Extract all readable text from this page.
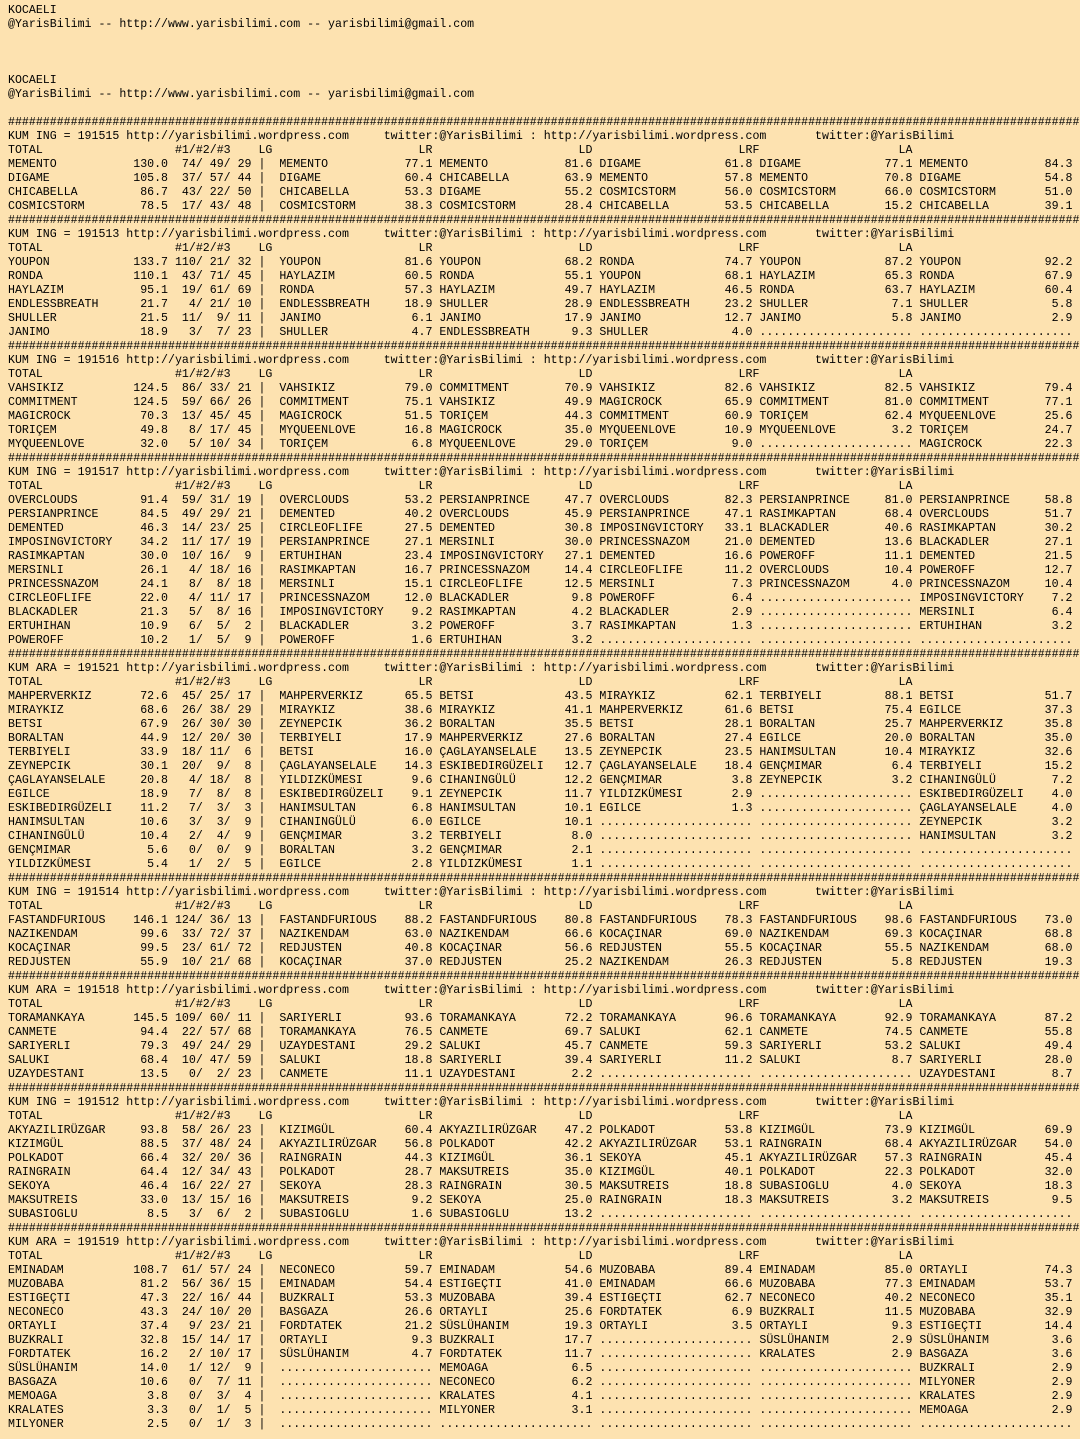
KOCAELI
@YarisBilimi -- http://www.yarisbilimi.com -- yarisbilimi@gmail.com
KOCAELI
@YarisBilimi -- http://www.yarisbilimi.com -- yarisbilimi@gmail.com
##########################################################################################################################################################
KUM ING = 191515 http://yarisbilimi.wordpress.com     twitter:@YarisBilimi : http://yarisbilimi.wordpress.com       twitter:@YarisBilimi
TOTAL                   #1/#2/#3    LG                     LR                     LD                     LRF                    LA
MEMENTO           130.0  74/ 49/ 29 |  MEMENTO           77.1 MEMENTO           81.6 DIGAME            61.8 DIGAME            77.1 MEMENTO           84.3
DIGAME            105.8  37/ 57/ 44 |  DIGAME            60.4 CHICABELLA        63.9 MEMENTO           57.8 MEMENTO           70.8 DIGAME            54.8
CHICABELLA         86.7  43/ 22/ 50 |  CHICABELLA        53.3 DIGAME            55.2 COSMICSTORM       56.0 COSMICSTORM       66.0 COSMICSTORM       51.0
COSMICSTORM        78.5  17/ 43/ 48 |  COSMICSTORM       38.3 COSMICSTORM       28.4 CHICABELLA        53.5 CHICABELLA        15.2 CHICABELLA        39.1
##########################################################################################################################################################
KUM ING = 191513 http://yarisbilimi.wordpress.com     twitter:@YarisBilimi : http://yarisbilimi.wordpress.com       twitter:@YarisBilimi
TOTAL                   #1/#2/#3    LG                     LR                     LD                     LRF                    LA
YOUPON            133.7 110/ 21/ 32 |  YOUPON            81.6 YOUPON            68.2 RONDA             74.7 YOUPON            87.2 YOUPON            92.2
RONDA             110.1  43/ 71/ 45 |  HAYLAZIM          60.5 RONDA             55.1 YOUPON            68.1 HAYLAZIM          65.3 RONDA             67.9
HAYLAZIM           95.1  19/ 61/ 69 |  RONDA             57.3 HAYLAZIM          49.7 HAYLAZIM          46.5 RONDA             63.7 HAYLAZIM          60.4
ENDLESSBREATH      21.7   4/ 21/ 10 |  ENDLESSBREATH     18.9 SHULLER           28.9 ENDLESSBREATH     23.2 SHULLER            7.1 SHULLER            5.8
SHULLER            21.5  11/  9/ 11 |  JANIMO             6.1 JANIMO            17.9 JANIMO            12.7 JANIMO             5.8 JANIMO             2.9
JANIMO             18.9   3/  7/ 23 |  SHULLER            4.7 ENDLESSBREATH      9.3 SHULLER            4.0 ...................... ......................
##########################################################################################################################################################
KUM ING = 191516 http://yarisbilimi.wordpress.com     twitter:@YarisBilimi : http://yarisbilimi.wordpress.com       twitter:@YarisBilimi
TOTAL                   #1/#2/#3    LG                     LR                     LD                     LRF                    LA
VAHSIKIZ          124.5  86/ 33/ 21 |  VAHSIKIZ          79.0 COMMITMENT        70.9 VAHSIKIZ          82.6 VAHSIKIZ          82.5 VAHSIKIZ          79.4
COMMITMENT        124.5  59/ 66/ 26 |  COMMITMENT        75.1 VAHSIKIZ          49.9 MAGICROCK         65.9 COMMITMENT        81.0 COMMITMENT        77.1
MAGICROCK          70.3  13/ 45/ 45 |  MAGICROCK         51.5 TORIÇEM           44.3 COMMITMENT        60.9 TORIÇEM           62.4 MYQUEENLOVE       25.6
TORIÇEM            49.8   8/ 17/ 45 |  MYQUEENLOVE       16.8 MAGICROCK         35.0 MYQUEENLOVE       10.9 MYQUEENLOVE        3.2 TORIÇEM           24.7
MYQUEENLOVE        32.0   5/ 10/ 34 |  TORIÇEM            6.8 MYQUEENLOVE       29.0 TORIÇEM            9.0 ...................... MAGICROCK         22.3
##########################################################################################################################################################
KUM ING = 191517 http://yarisbilimi.wordpress.com     twitter:@YarisBilimi : http://yarisbilimi.wordpress.com       twitter:@YarisBilimi
TOTAL                   #1/#2/#3    LG                     LR                     LD                     LRF                    LA
OVERCLOUDS         91.4  59/ 31/ 19 |  OVERCLOUDS        53.2 PERSIANPRINCE     47.7 OVERCLOUDS        82.3 PERSIANPRINCE     81.0 PERSIANPRINCE     58.8
PERSIANPRINCE      84.5  49/ 29/ 21 |  DEMENTED          40.2 OVERCLOUDS        45.9 PERSIANPRINCE     47.1 RASIMKAPTAN       68.4 OVERCLOUDS        51.7
DEMENTED           46.3  14/ 23/ 25 |  CIRCLEOFLIFE      27.5 DEMENTED          30.8 IMPOSINGVICTORY   33.1 BLACKADLER        40.6 RASIMKAPTAN       30.2
IMPOSINGVICTORY    34.2  11/ 17/ 19 |  PERSIANPRINCE     27.1 MERSINLI          30.0 PRINCESSNAZOM     21.0 DEMENTED          13.6 BLACKADLER        27.1
RASIMKAPTAN        30.0  10/ 16/  9 |  ERTUHIHAN         23.4 IMPOSINGVICTORY   27.1 DEMENTED          16.6 POWEROFF          11.1 DEMENTED          21.5
MERSINLI           26.1   4/ 18/ 16 |  RASIMKAPTAN       16.7 PRINCESSNAZOM     14.4 CIRCLEOFLIFE      11.2 OVERCLOUDS        10.4 POWEROFF          12.7
PRINCESSNAZOM      24.1   8/  8/ 18 |  MERSINLI          15.1 CIRCLEOFLIFE      12.5 MERSINLI           7.3 PRINCESSNAZOM      4.0 PRINCESSNAZOM     10.4
CIRCLEOFLIFE       22.0   4/ 11/ 17 |  PRINCESSNAZOM     12.0 BLACKADLER         9.8 POWEROFF           6.4 ...................... IMPOSINGVICTORY    7.2
BLACKADLER         21.3   5/  8/ 16 |  IMPOSINGVICTORY    9.2 RASIMKAPTAN        4.2 BLACKADLER         2.9 ...................... MERSINLI           6.4
ERTUHIHAN          10.9   6/  5/  2 |  BLACKADLER         3.2 POWEROFF           3.7 RASIMKAPTAN        1.3 ...................... ERTUHIHAN          3.2
POWEROFF           10.2   1/  5/  9 |  POWEROFF           1.6 ERTUHIHAN          3.2 ...................... ...................... ......................
##########################################################################################################################################################
KUM ARA = 191521 http://yarisbilimi.wordpress.com     twitter:@YarisBilimi : http://yarisbilimi.wordpress.com       twitter:@YarisBilimi
TOTAL                   #1/#2/#3    LG                     LR                     LD                     LRF                    LA
MAHPERVERKIZ       72.6  45/ 25/ 17 |  MAHPERVERKIZ      65.5 BETSI             43.5 MIRAYKIZ          62.1 TERBIYELI         88.1 BETSI             51.7
MIRAYKIZ           68.6  26/ 38/ 29 |  MIRAYKIZ          38.6 MIRAYKIZ          41.1 MAHPERVERKIZ      61.6 BETSI             75.4 EGILCE            37.3
BETSI              67.9  26/ 30/ 30 |  ZEYNEPCIK         36.2 BORALTAN          35.5 BETSI             28.1 BORALTAN          25.7 MAHPERVERKIZ      35.8
BORALTAN           44.9  12/ 20/ 30 |  TERBIYELI         17.9 MAHPERVERKIZ      27.6 BORALTAN          27.4 EGILCE            20.0 BORALTAN          35.0
TERBIYELI          33.9  18/ 11/  6 |  BETSI             16.0 ÇAGLAYANSELALE    13.5 ZEYNEPCIK         23.5 HANIMSULTAN       10.4 MIRAYKIZ          32.6
ZEYNEPCIK          30.1  20/  9/  8 |  ÇAGLAYANSELALE    14.3 ESKIBEDIRGÜZELI   12.7 ÇAGLAYANSELALE    18.4 GENÇMIMAR          6.4 TERBIYELI         15.2
ÇAGLAYANSELALE     20.8   4/ 18/  8 |  YILDIZKÜMESI       9.6 CIHANINGÜLÜ       12.2 GENÇMIMAR          3.8 ZEYNEPCIK          3.2 CIHANINGÜLÜ        7.2
EGILCE             18.9   7/  8/  8 |  ESKIBEDIRGÜZELI    9.1 ZEYNEPCIK         11.7 YILDIZKÜMESI       2.9 ...................... ESKIBEDIRGÜZELI    4.0
ESKIBEDIRGÜZELI    11.2   7/  3/  3 |  HANIMSULTAN        6.8 HANIMSULTAN       10.1 EGILCE             1.3 ...................... ÇAGLAYANSELALE     4.0
HANIMSULTAN        10.6   3/  3/  9 |  CIHANINGÜLÜ        6.0 EGILCE            10.1 ...................... ...................... ZEYNEPCIK          3.2
CIHANINGÜLÜ        10.4   2/  4/  9 |  GENÇMIMAR          3.2 TERBIYELI          8.0 ...................... ...................... HANIMSULTAN        3.2
GENÇMIMAR           5.6   0/  0/  9 |  BORALTAN           3.2 GENÇMIMAR          2.1 ...................... ...................... ......................
YILDIZKÜMESI        5.4   1/  2/  5 |  EGILCE             2.8 YILDIZKÜMESI       1.1 ...................... ...................... ......................
##########################################################################################################################################################
KUM ING = 191514 http://yarisbilimi.wordpress.com     twitter:@YarisBilimi : http://yarisbilimi.wordpress.com       twitter:@YarisBilimi
TOTAL                   #1/#2/#3    LG                     LR                     LD                     LRF                    LA
FASTANDFURIOUS    146.1 124/ 36/ 13 |  FASTANDFURIOUS    88.2 FASTANDFURIOUS    80.8 FASTANDFURIOUS    78.3 FASTANDFURIOUS    98.6 FASTANDFURIOUS    73.0
NAZIKENDAM         99.6  33/ 72/ 37 |  NAZIKENDAM        63.0 NAZIKENDAM        66.6 KOCAÇINAR         69.0 NAZIKENDAM        69.3 KOCAÇINAR         68.8
KOCAÇINAR          99.5  23/ 61/ 72 |  REDJUSTEN         40.8 KOCAÇINAR         56.6 REDJUSTEN         55.5 KOCAÇINAR         55.5 NAZIKENDAM        68.0
REDJUSTEN          55.9  10/ 21/ 68 |  KOCAÇINAR         37.0 REDJUSTEN         25.2 NAZIKENDAM        26.3 REDJUSTEN          5.8 REDJUSTEN         19.3
##########################################################################################################################################################
KUM ARA = 191518 http://yarisbilimi.wordpress.com     twitter:@YarisBilimi : http://yarisbilimi.wordpress.com       twitter:@YarisBilimi
TOTAL                   #1/#2/#3    LG                     LR                     LD                     LRF                    LA
TORAMANKAYA       145.5 109/ 60/ 11 |  SARIYERLI         93.6 TORAMANKAYA       72.2 TORAMANKAYA       96.6 TORAMANKAYA       92.9 TORAMANKAYA       87.2
CANMETE            94.4  22/ 57/ 68 |  TORAMANKAYA       76.5 CANMETE           69.7 SALUKI            62.1 CANMETE           74.5 CANMETE           55.8
SARIYERLI          79.3  49/ 24/ 29 |  UZAYDESTANI       29.2 SALUKI            45.7 CANMETE           59.3 SARIYERLI         53.2 SALUKI            49.4
SALUKI             68.4  10/ 47/ 59 |  SALUKI            18.8 SARIYERLI         39.4 SARIYERLI         11.2 SALUKI             8.7 SARIYERLI         28.0
UZAYDESTANI        13.5   0/  2/ 23 |  CANMETE           11.1 UZAYDESTANI        2.2 ...................... ...................... UZAYDESTANI        8.7
##########################################################################################################################################################
KUM ING = 191512 http://yarisbilimi.wordpress.com     twitter:@YarisBilimi : http://yarisbilimi.wordpress.com       twitter:@YarisBilimi
TOTAL                   #1/#2/#3    LG                     LR                     LD                     LRF                    LA
AKYAZILIRÜZGAR     93.8  58/ 26/ 23 |  KIZIMGÜL          60.4 AKYAZILIRÜZGAR    47.2 POLKADOT          53.8 KIZIMGÜL          73.9 KIZIMGÜL          69.9
KIZIMGÜL           88.5  37/ 48/ 24 |  AKYAZILIRÜZGAR    56.8 POLKADOT          42.2 AKYAZILIRÜZGAR    53.1 RAINGRAIN         68.4 AKYAZILIRÜZGAR    54.0
POLKADOT           66.4  32/ 20/ 36 |  RAINGRAIN         44.3 KIZIMGÜL          36.1 SEKOYA            45.1 AKYAZILIRÜZGAR    57.3 RAINGRAIN         45.4
RAINGRAIN          64.4  12/ 34/ 43 |  POLKADOT          28.7 MAKSUTREIS        35.0 KIZIMGÜL          40.1 POLKADOT          22.3 POLKADOT          32.0
SEKOYA             46.4  16/ 22/ 27 |  SEKOYA            28.3 RAINGRAIN         30.5 MAKSUTREIS        18.8 SUBASIOGLU         4.0 SEKOYA            18.3
MAKSUTREIS         33.0  13/ 15/ 16 |  MAKSUTREIS         9.2 SEKOYA            25.0 RAINGRAIN         18.3 MAKSUTREIS         3.2 MAKSUTREIS         9.5
SUBASIOGLU          8.5   3/  6/  2 |  SUBASIOGLU         1.6 SUBASIOGLU        13.2 ...................... ...................... ......................
##########################################################################################################################################################
KUM ARA = 191519 http://yarisbilimi.wordpress.com     twitter:@YarisBilimi : http://yarisbilimi.wordpress.com       twitter:@YarisBilimi
TOTAL                   #1/#2/#3    LG                     LR                     LD                     LRF                    LA
EMINADAM          108.7  61/ 57/ 24 |  NECONECO          59.7 EMINADAM          54.6 MUZOBABA          89.4 EMINADAM          85.0 ORTAYLI           74.3
MUZOBABA           81.2  56/ 36/ 15 |  EMINADAM          54.4 ESTIGEÇTI         41.0 EMINADAM          66.6 MUZOBABA          77.3 EMINADAM          53.7
ESTIGEÇTI          47.3  22/ 16/ 44 |  BUZKRALI          53.3 MUZOBABA          39.4 ESTIGEÇTI         62.7 NECONECO          40.2 NECONECO          35.1
NECONECO           43.3  24/ 10/ 20 |  BASGAZA           26.6 ORTAYLI           25.6 FORDTATEK          6.9 BUZKRALI          11.5 MUZOBABA          32.9
ORTAYLI            37.4   9/ 23/ 21 |  FORDTATEK         21.2 SÜSLÜHANIM        19.3 ORTAYLI            3.5 ORTAYLI            9.3 ESTIGEÇTI         14.4
BUZKRALI           32.8  15/ 14/ 17 |  ORTAYLI            9.3 BUZKRALI          17.7 ...................... SÜSLÜHANIM         2.9 SÜSLÜHANIM         3.6
FORDTATEK          16.2   2/ 10/ 17 |  SÜSLÜHANIM         4.7 FORDTATEK         11.7 ...................... KRALATES           2.9 BASGAZA            3.6
SÜSLÜHANIM         14.0   1/ 12/  9 |  ...................... MEMOAGA            6.5 ...................... ...................... BUZKRALI           2.9
BASGAZA            10.6   0/  7/ 11 |  ...................... NECONECO           6.2 ...................... ...................... MILYONER           2.9
MEMOAGA             3.8   0/  3/  4 |  ...................... KRALATES           4.1 ...................... ...................... KRALATES           2.9
KRALATES            3.3   0/  1/  5 |  ...................... MILYONER           3.1 ...................... ...................... MEMOAGA            2.9
MILYONER            2.5   0/  1/  3 |  ...................... ...................... ...................... ...................... ......................
